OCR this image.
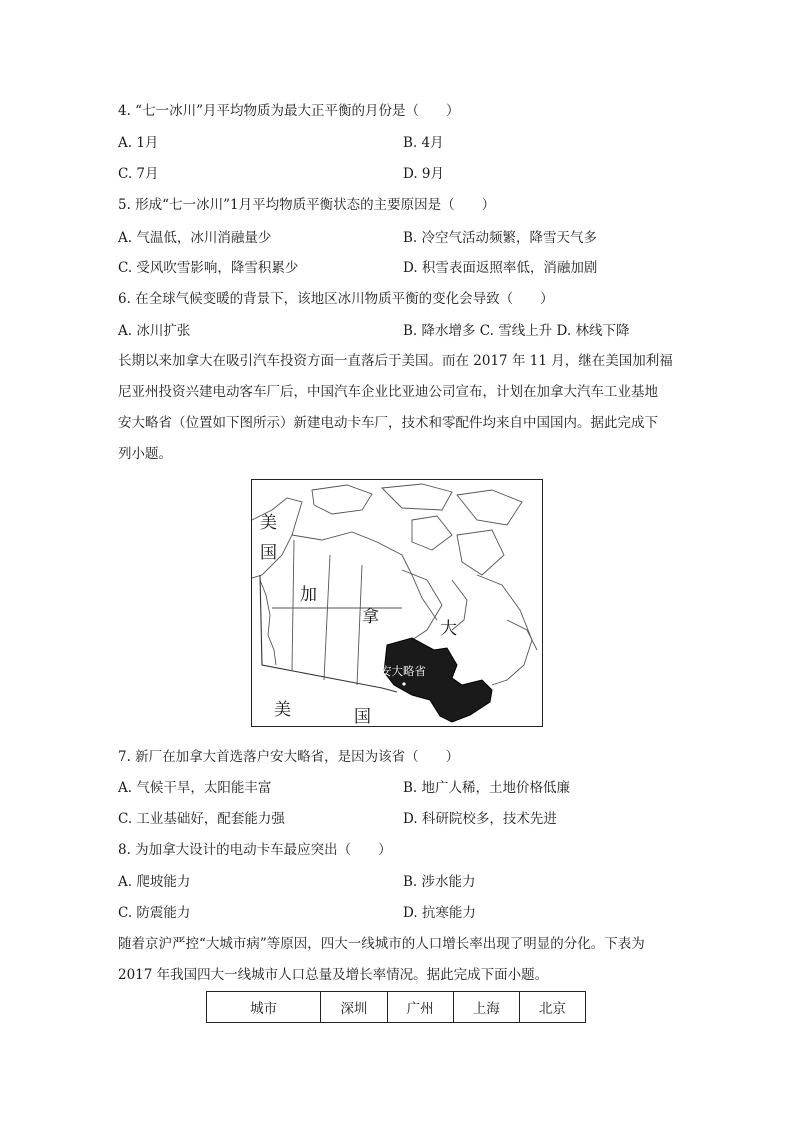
4. “七一冰川”月平均物质为最大正平衡的月份是（　　）
A. 1月	B. 4月
C. 7月	D. 9月
5. 形成“七一冰川”1月平均物质平衡状态的主要原因是（　　）
A. 气温低，冰川消融量少	B. 冷空气活动频繁，降雪天气多
C. 受风吹雪影响，降雪积累少	D. 积雪表面返照率低，消融加剧
6. 在全球气候变暖的背景下，该地区冰川物质平衡的变化会导致（　　）
A. 冰川扩张	B. 降水增多 C. 雪线上升 D. 林线下降
长期以来加拿大在吸引汽车投资方面一直落后于美国。而在 2017 年 11 月，继在美国加利福
尼亚州投资兴建电动客车厂后，中国汽车企业比亚迪公司宣布，计划在加拿大汽车工业基地
安大略省（位置如下图所示）新建电动卡车厂，技术和零配件均来自中国国内。据此完成下
列小题。
美
国
加
拿
大
美	国
安大略省
7. 新厂在加拿大首选落户安大略省，是因为该省（　　）
A. 气候干旱，太阳能丰富	B. 地广人稀，土地价格低廉
C. 工业基础好，配套能力强	D. 科研院校多，技术先进
8. 为加拿大设计的电动卡车最应突出（　　）
A. 爬坡能力	B. 涉水能力
C. 防震能力	D. 抗寒能力
随着京沪严控“大城市病”等原因，四大一线城市的人口增长率出现了明显的分化。下表为
2017 年我国四大一线城市人口总量及增长率情况。据此完成下面小题。
城市	深圳	广州	上海	北京
